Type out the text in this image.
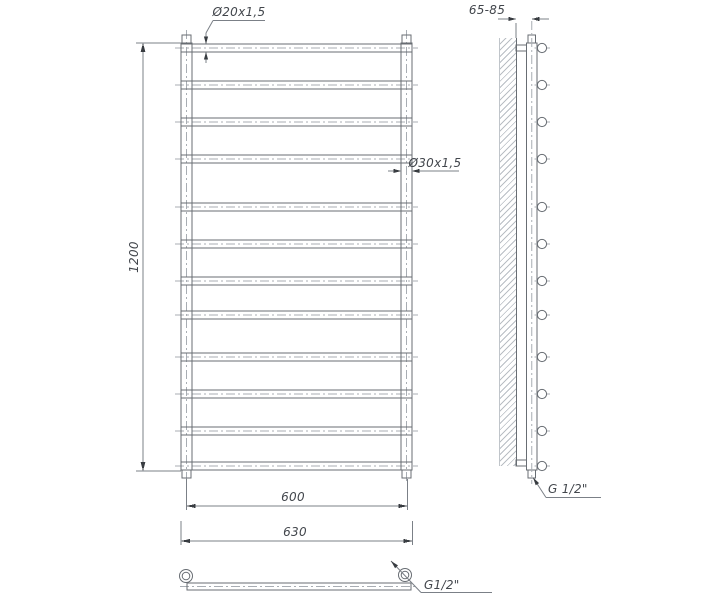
Ø20x1,5
Ø30x1,5
1200
600
630
65-85
G 1/2"
G1/2"
